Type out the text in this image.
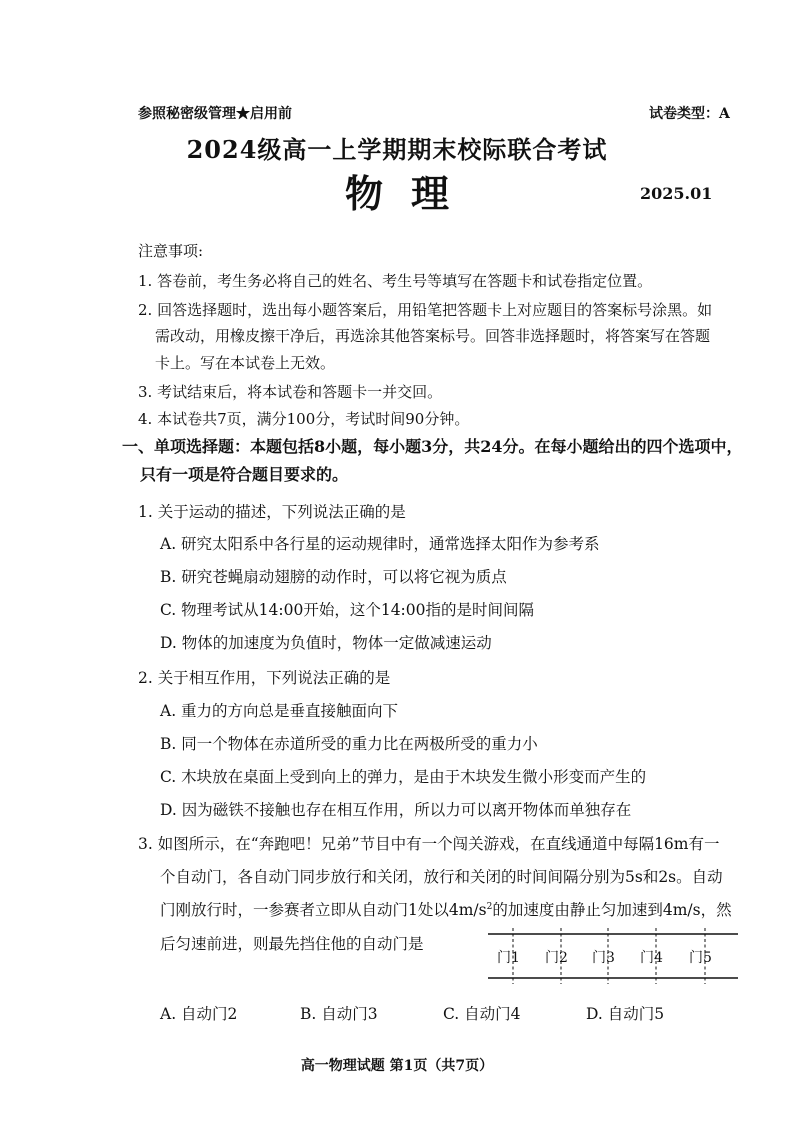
参照秘密级管理★启用前	试卷类型：A
2024级高一上学期期末校际联合考试
物理	2025.01
注意事项:
1. 答卷前，考生务必将自己的姓名、考生号等填写在答题卡和试卷指定位置。
2. 回答选择题时，选出每小题答案后，用铅笔把答题卡上对应题目的答案标号涂黑。如
需改动，用橡皮擦干净后，再选涂其他答案标号。回答非选择题时，将答案写在答题
卡上。写在本试卷上无效。
3. 考试结束后，将本试卷和答题卡一并交回。
4. 本试卷共7页，满分100分，考试时间90分钟。
一、单项选择题：本题包括8小题，每小题3分，共24分。在每小题给出的四个选项中，
只有一项是符合题目要求的。
1. 关于运动的描述，下列说法正确的是
A. 研究太阳系中各行星的运动规律时，通常选择太阳作为参考系
B. 研究苍蝇扇动翅膀的动作时，可以将它视为质点
C. 物理考试从14:00开始，这个14:00指的是时间间隔
D. 物体的加速度为负值时，物体一定做减速运动
2. 关于相互作用，下列说法正确的是
A. 重力的方向总是垂直接触面向下
B. 同一个物体在赤道所受的重力比在两极所受的重力小
C. 木块放在桌面上受到向上的弹力，是由于木块发生微小形变而产生的
D. 因为磁铁不接触也存在相互作用，所以力可以离开物体而单独存在
3. 如图所示，在“奔跑吧！兄弟”节目中有一个闯关游戏，在直线通道中每隔16m有一
个自动门，各自动门同步放行和关闭，放行和关闭的时间间隔分别为5s和2s。自动
门刚放行时，一参赛者立即从自动门1处以$4m/s^2$的加速度由静止匀加速到4m/s，然
后匀速前进，则最先挡住他的自动门是
门1 门2 门3 门4 门5
A. 自动门2	B. 自动门3	C. 自动门4	D. 自动门5
高一物理试题 第1页（共7页）
